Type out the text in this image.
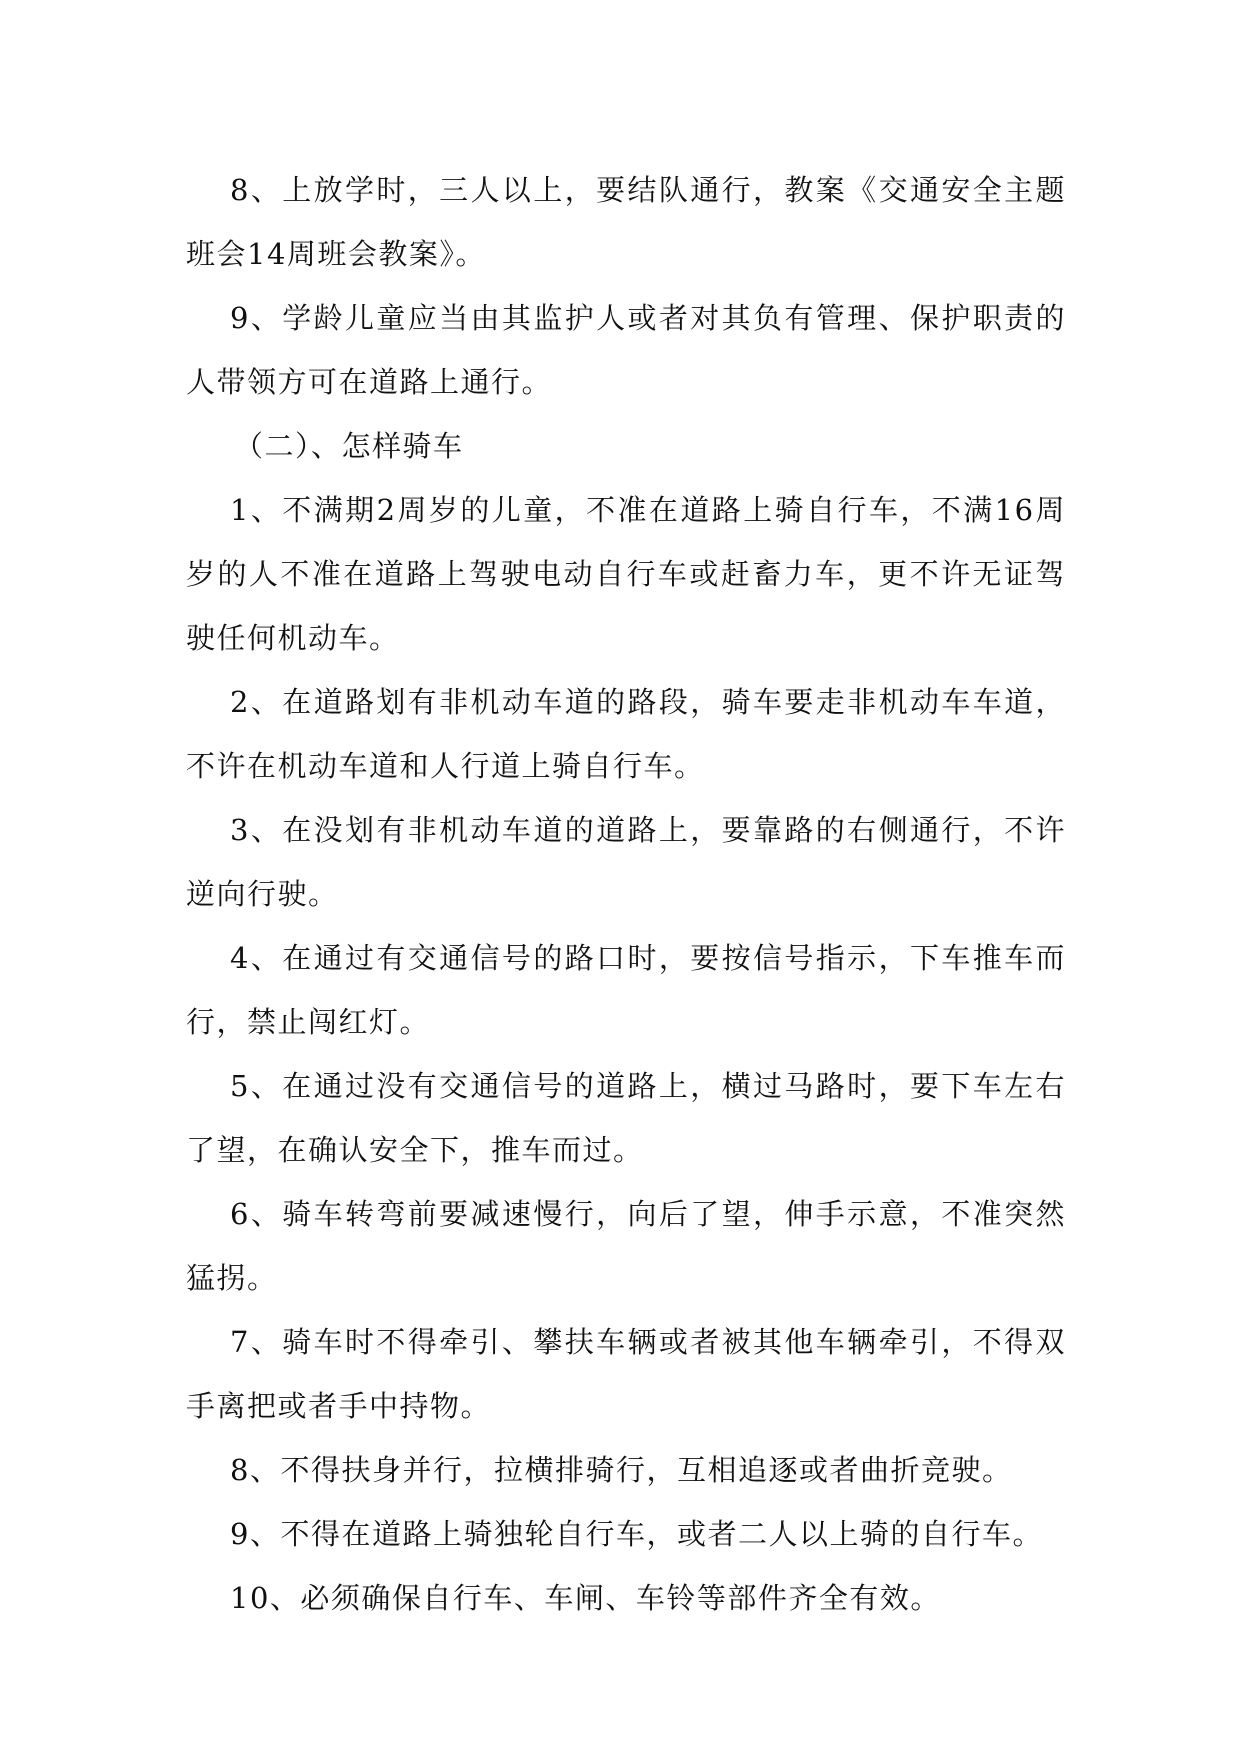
8、上放学时，三人以上，要结队通行，教案《交通安全主题班会14周班会教案》。

9、学龄儿童应当由其监护人或者对其负有管理、保护职责的人带领方可在道路上通行。

（二）、怎样骑车

1、不满期2周岁的儿童，不准在道路上骑自行车，不满16周岁的人不准在道路上驾驶电动自行车或赶畜力车，更不许无证驾驶任何机动车。

2、在道路划有非机动车道的路段，骑车要走非机动车车道，不许在机动车道和人行道上骑自行车。

3、在没划有非机动车道的道路上，要靠路的右侧通行，不许逆向行驶。

4、在通过有交通信号的路口时，要按信号指示，下车推车而行，禁止闯红灯。

5、在通过没有交通信号的道路上，横过马路时，要下车左右了望，在确认安全下，推车而过。

6、骑车转弯前要减速慢行，向后了望，伸手示意，不准突然猛拐。

7、骑车时不得牵引、攀扶车辆或者被其他车辆牵引，不得双手离把或者手中持物。

8、不得扶身并行，拉横排骑行，互相追逐或者曲折竞驶。

9、不得在道路上骑独轮自行车，或者二人以上骑的自行车。

10、必须确保自行车、车闸、车铃等部件齐全有效。
